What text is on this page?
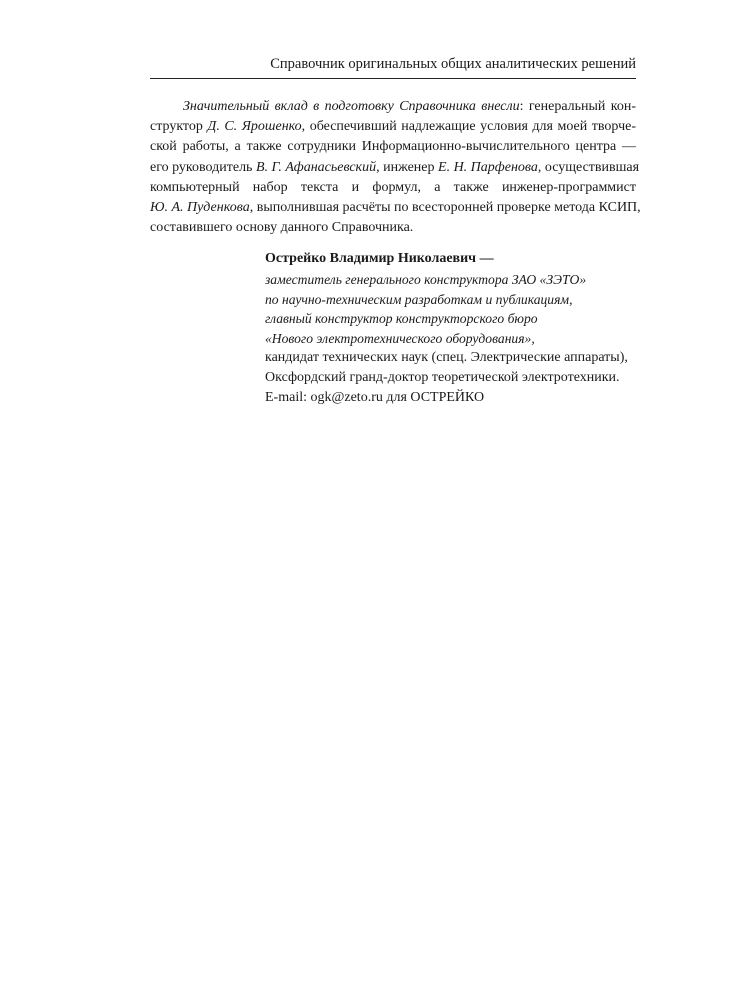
Справочник оригинальных общих аналитических решений
Значительный вклад в подготовку Справочника внесли: генеральный кон-
структор Д. С. Ярошенко, обеспечивший надлежащие условия для моей творче-
ской работы, а также сотрудники Информационно-вычислительного центра —
его руководитель В. Г. Афанасьевский, инженер Е. Н. Парфенова, осуществившая
компьютерный набор текста и формул, а также инженер-программист
Ю. А. Пуденкова, выполнившая расчёты по всесторонней проверке метода КСИП,
составившего основу данного Справочника.
Острейко Владимир Николаевич —
заместитель генерального конструктора ЗАО «ЗЭТО»
по научно-техническим разработкам и публикациям,
главный конструктор конструкторского бюро
«Нового электротехнического оборудования»,
кандидат технических наук (спец. Электрические аппараты),
Оксфордский гранд-доктор теоретической электротехники.
E-mail: ogk@zeto.ru для ОСТРЕЙКО
